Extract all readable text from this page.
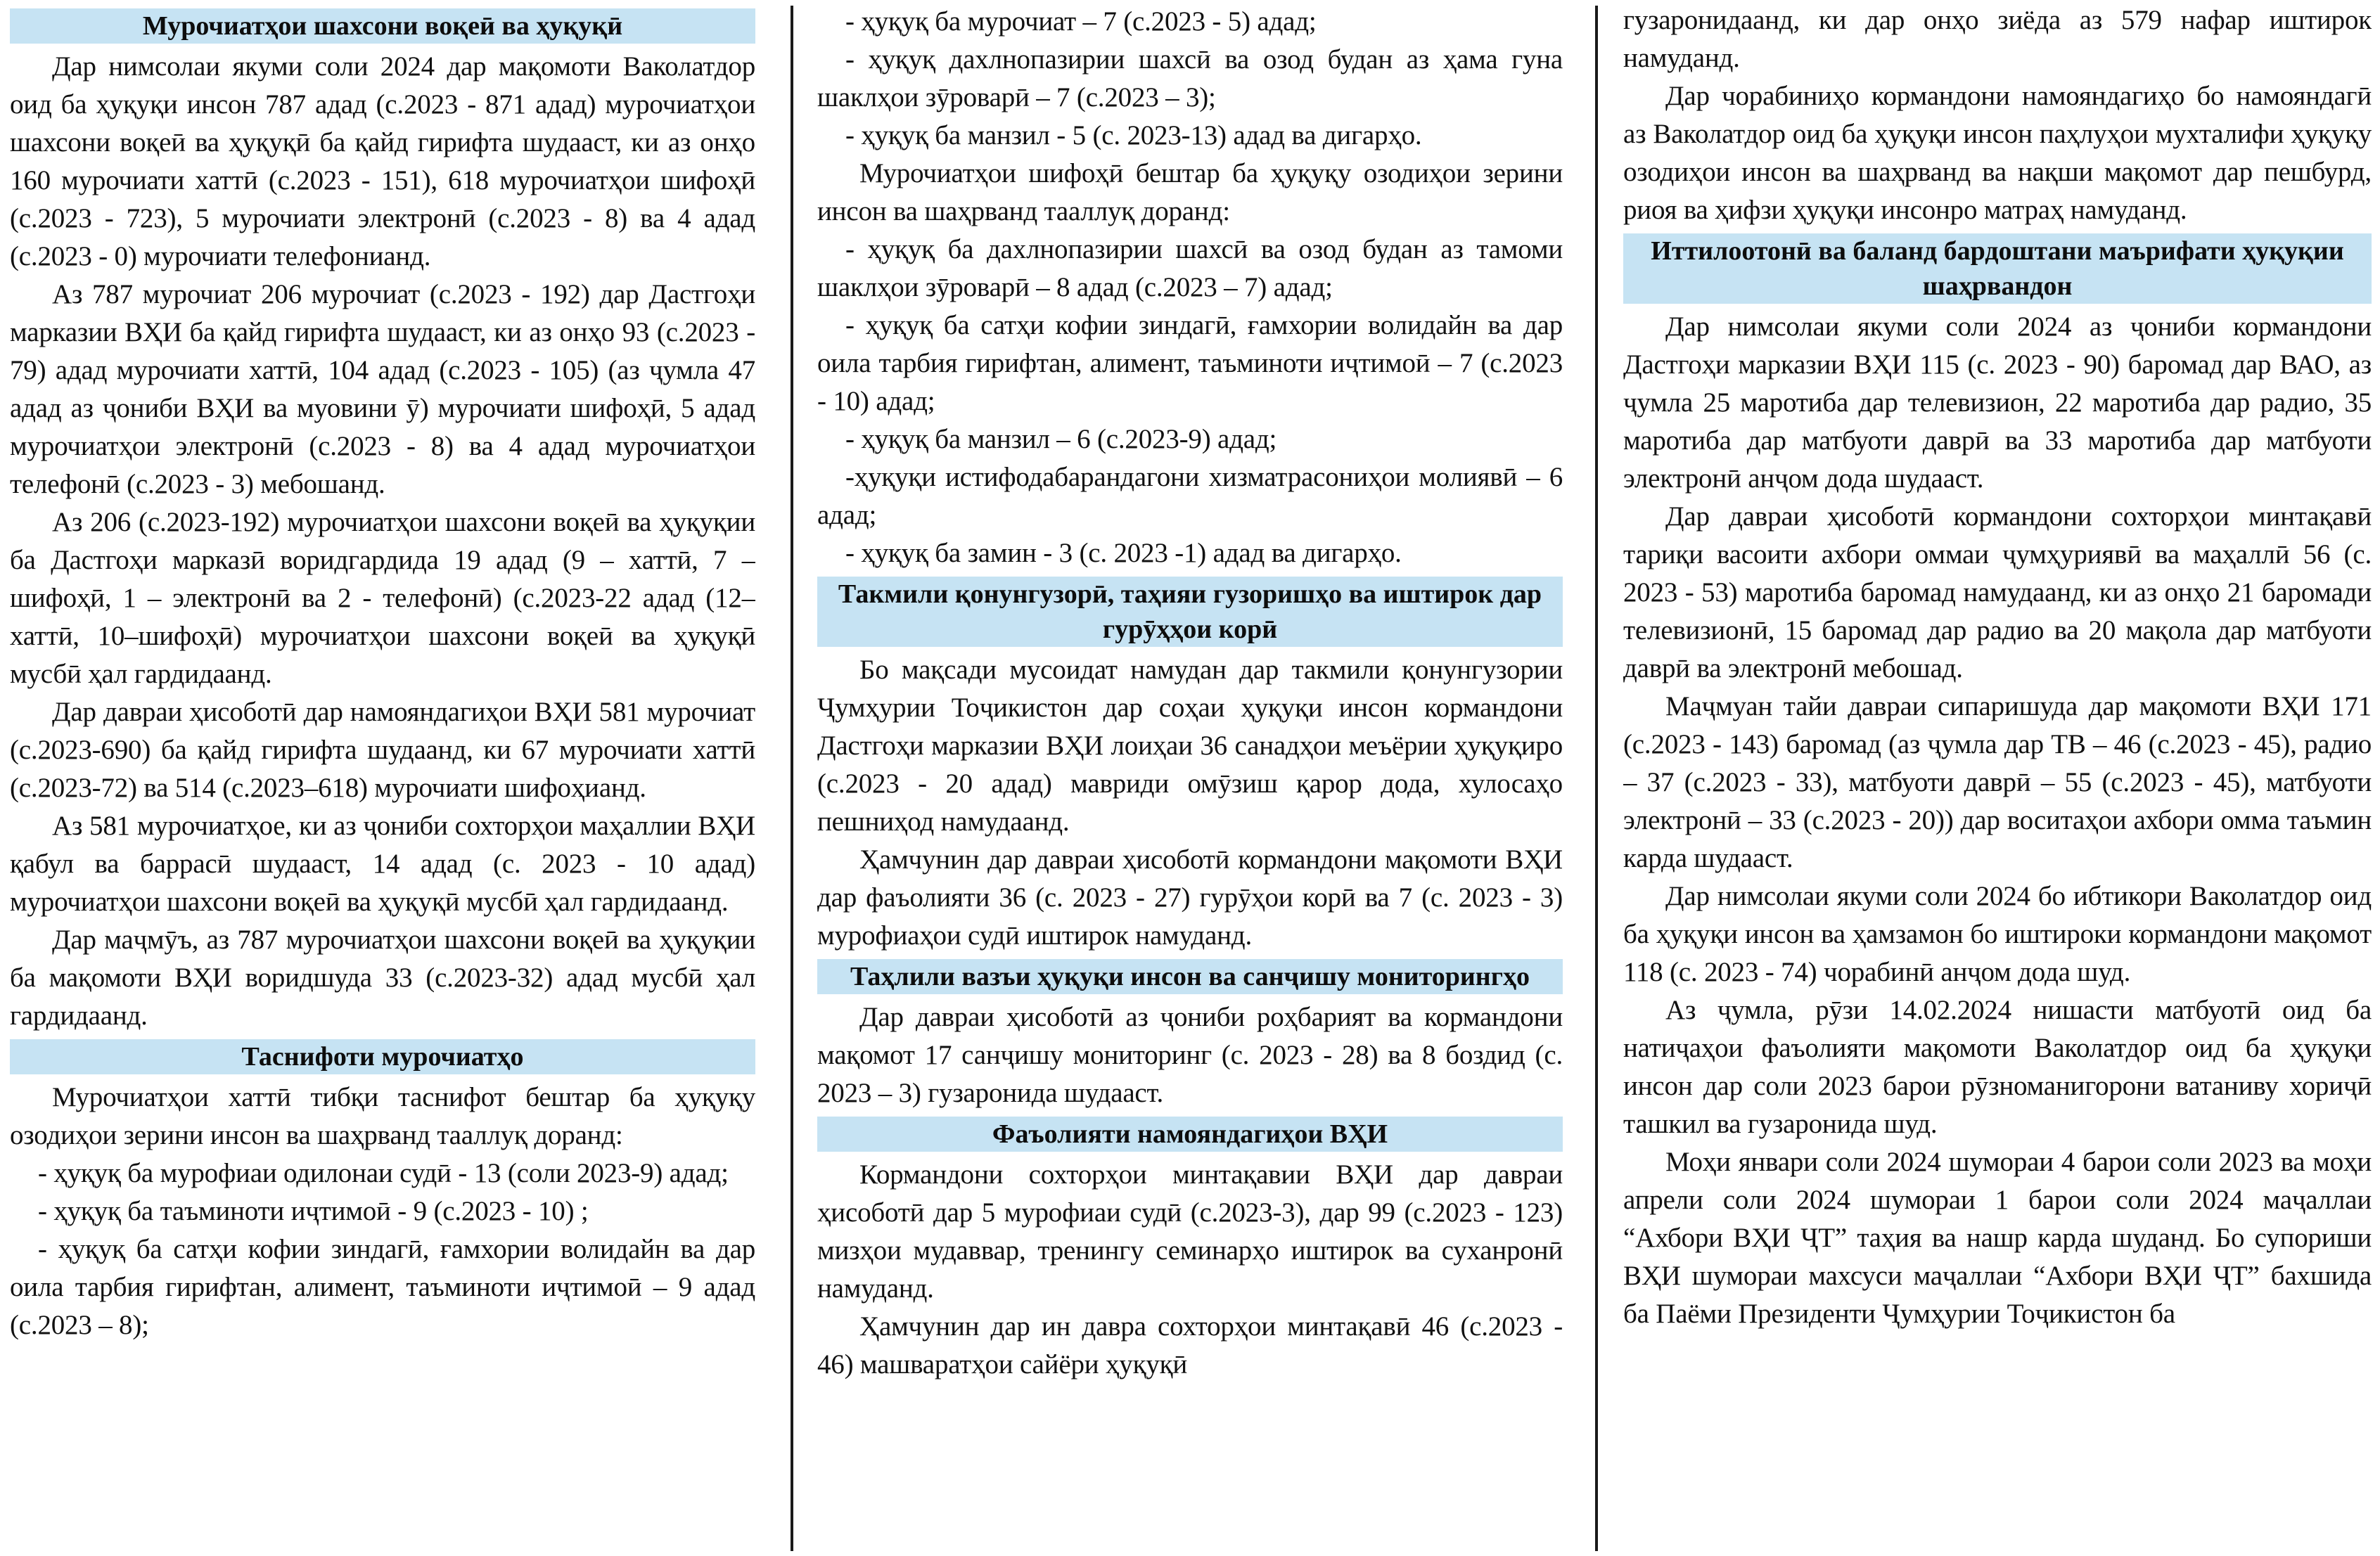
Мурочиатҳои шахсони воқеӣ ва ҳуқуқӣ

Дар нимсолаи якуми соли 2024 дар мақомоти Ваколатдор оид ба ҳуқуқи инсон 787 адад (с.2023 - 871 адад) мурочиатҳои шахсони воқеӣ ва ҳуқуқӣ ба қайд гирифта шудааст, ки аз онҳо 160 мурочиати хаттӣ (с.2023 - 151), 618 мурочиатҳои шифоҳӣ (с.2023 - 723), 5 мурочиати электронӣ (с.2023 - 8) ва 4 адад (с.2023 - 0) мурочиати телефонианд.

Аз 787 мурочиат 206 мурочиат (с.2023 - 192) дар Дастгоҳи марказии ВҲИ ба қайд гирифта шудааст, ки аз онҳо 93 (с.2023 - 79) адад мурочиати хаттӣ, 104 адад (с.2023 - 105) (аз ҷумла 47 адад аз ҷониби ВҲИ ва муовини ӯ) мурочиати шифоҳӣ, 5 адад мурочиатҳои электронӣ (с.2023 - 8) ва 4 адад мурочиатҳои телефонӣ (с.2023 - 3) мебошанд.

Аз 206 (с.2023-192) мурочиатҳои шахсони воқеӣ ва ҳуқуқии ба Дастгоҳи марказӣ воридгардида 19 адад (9 – хаттӣ, 7 – шифоҳӣ, 1 – электронӣ ва 2 - телефонӣ) (с.2023-22 адад (12–хаттӣ, 10–шифоҳӣ) мурочиатҳои шахсони воқеӣ ва ҳуқуқӣ мусбӣ ҳал гардидаанд.

Дар давраи ҳисоботӣ дар намояндагиҳои ВҲИ 581 мурочиат (с.2023-690) ба қайд гирифта шудаанд, ки 67 мурочиати хаттӣ (с.2023-72) ва 514 (с.2023–618) мурочиати шифоҳианд.

Аз 581 мурочиатҳое, ки аз ҷониби сохторҳои маҳаллии ВҲИ қабул ва баррасӣ шудааст, 14 адад (с. 2023 - 10 адад) мурочиатҳои шахсони воқеӣ ва ҳуқуқӣ мусбӣ ҳал гардидаанд.

Дар маҷмӯъ, аз 787 мурочиатҳои шахсони воқеӣ ва ҳуқуқии ба мақомоти ВҲИ воридшуда 33 (с.2023-32) адад мусбӣ ҳал гардидаанд.

Таснифоти мурочиатҳо

Мурочиатҳои хаттӣ тибқи таснифот бештар ба ҳуқуқу озодиҳои зерини инсон ва шаҳрванд тааллуқ доранд:

- ҳуқуқ ба мурофиаи одилонаи судӣ - 13 (соли 2023-9) адад;
- ҳуқуқ ба таъминоти иҷтимоӣ - 9 (с.2023 - 10) ;
- ҳуқуқ ба сатҳи кофии зиндагӣ, ғамхории волидайн ва дар оила тарбия гирифтан, алимент, таъминоти иҷтимоӣ – 9 адад (с.2023 – 8);
- ҳуқуқ ба мурочиат – 7 (с.2023 - 5) адад;
- ҳуқуқ дахлнопазирии шахсӣ ва озод будан аз ҳама гуна шаклҳои зӯроварӣ – 7 (с.2023 – 3);
- ҳуқуқ ба манзил - 5 (с. 2023-13) адад ва дигарҳо.

Мурочиатҳои шифоҳӣ бештар ба ҳуқуқу озодиҳои зерини инсон ва шаҳрванд тааллуқ доранд:

- ҳуқуқ ба дахлнопазирии шахсӣ ва озод будан аз тамоми шаклҳои зӯроварӣ – 8 адад (с.2023 – 7) адад;
- ҳуқуқ ба сатҳи кофии зиндагӣ, ғамхории волидайн ва дар оила тарбия гирифтан, алимент, таъминоти иҷтимоӣ – 7 (с.2023 - 10) адад;
- ҳуқуқ ба манзил – 6 (с.2023-9) адад;
-ҳуқуқи истифодабарандагони хизматрасониҳои молиявӣ – 6 адад;
- ҳуқуқ ба замин - 3 (с. 2023 -1) адад ва дигарҳо.
Такмили қонунгузорӣ, таҳияи гузоришҳо ва иштирок дар гурӯҳҳои корӣ

Бо мақсади мусоидат намудан дар такмили қонунгузории Ҷумҳурии Тоҷикистон дар соҳаи ҳуқуқи инсон кормандони Дастгоҳи марказии ВҲИ лоиҳаи 36 санадҳои меъёрии ҳуқуқиро (с.2023 - 20 адад) мавриди омӯзиш қарор дода, хулосаҳо пешниҳод намудаанд.

Ҳамчунин дар давраи ҳисоботӣ кормандони мақомоти ВҲИ дар фаъолияти 36 (с. 2023 - 27) гурӯҳои корӣ ва 7 (с. 2023 - 3) мурофиаҳои судӣ иштирок намуданд.

Таҳлили вазъи ҳуқуқи инсон ва санҷишу мониторингҳо

Дар давраи ҳисоботӣ аз ҷониби роҳбарият ва кормандони мақомот 17 санҷишу мониторинг (с. 2023 - 28) ва 8 боздид (с. 2023 – 3) гузаронида шудааст.

Фаъолияти намояндагиҳои ВҲИ

Кормандони сохторҳои минтақавии ВҲИ дар давраи ҳисоботӣ дар 5 мурофиаи судӣ (с.2023-3), дар 99 (с.2023 - 123) мизҳои мудаввар, тренингу семинарҳо иштирок ва суханронӣ намуданд.

Ҳамчунин дар ин давра сохторҳои минтақавӣ 46 (с.2023 - 46) машваратҳои сайёри ҳуқуқӣ

гузаронидаанд, ки дар онҳо зиёда аз 579 нафар иштирок намуданд.

Дар чорабиниҳо кормандони намояндагиҳо бо намояндагӣ аз Ваколатдор оид ба ҳуқуқи инсон паҳлуҳои мухталифи ҳуқуқу озодиҳои инсон ва шаҳрванд ва нақши мақомот дар пешбурд, риоя ва ҳифзи ҳуқуқи инсонро матраҳ намуданд.

Иттилоотонӣ ва баланд бардоштани маърифати ҳуқуқии шаҳрвандон

Дар нимсолаи якуми соли 2024 аз ҷониби кормандони Дастгоҳи марказии ВҲИ 115 (с. 2023 - 90) баромад дар ВАО, аз ҷумла 25 маротиба дар телевизион, 22 маротиба дар радио, 35 маротиба дар матбуоти даврӣ ва 33 маротиба дар матбуоти электронӣ анҷом дода шудааст.

Дар давраи ҳисоботӣ кормандони сохторҳои минтақавӣ тариқи васоити ахбори оммаи ҷумҳуриявӣ ва маҳаллӣ 56 (с. 2023 - 53) маротиба баромад намудаанд, ки аз онҳо 21 баромади телевизионӣ, 15 баромад дар радио ва 20 мақола дар матбуоти даврӣ ва электронӣ мебошад.

Маҷмуан тайи давраи сипаришуда дар мақомоти ВҲИ 171 (с.2023 - 143) баромад (аз ҷумла дар ТВ – 46 (с.2023 - 45), радио – 37 (с.2023 - 33), матбуоти даврӣ – 55 (с.2023 - 45), матбуоти электронӣ – 33 (с.2023 - 20)) дар воситаҳои ахбори омма таъмин карда шудааст.

Дар нимсолаи якуми соли 2024 бо ибтикори Ваколатдор оид ба ҳуқуқи инсон ва ҳамзамон бо иштироки кормандони мақомот 118 (с. 2023 - 74) чорабинӣ анҷом дода шуд.

Аз ҷумла, рӯзи 14.02.2024 нишасти матбуотӣ оид ба натиҷаҳои фаъолияти мақомоти Ваколатдор оид ба ҳуқуқи инсон дар соли 2023 барои рӯзноманигорони ватаниву хориҷӣ ташкил ва гузаронида шуд.

Моҳи январи соли 2024 шумораи 4 барои соли 2023 ва моҳи апрели соли 2024 шумораи 1 барои соли 2024 маҷаллаи “Ахбори ВҲИ ҶТ” таҳия ва нашр карда шуданд. Бо супориши ВҲИ шумораи махсуси маҷаллаи “Ахбори ВҲИ ҶТ” бахшида ба Паёми Президенти Ҷумҳурии Тоҷикистон ба
